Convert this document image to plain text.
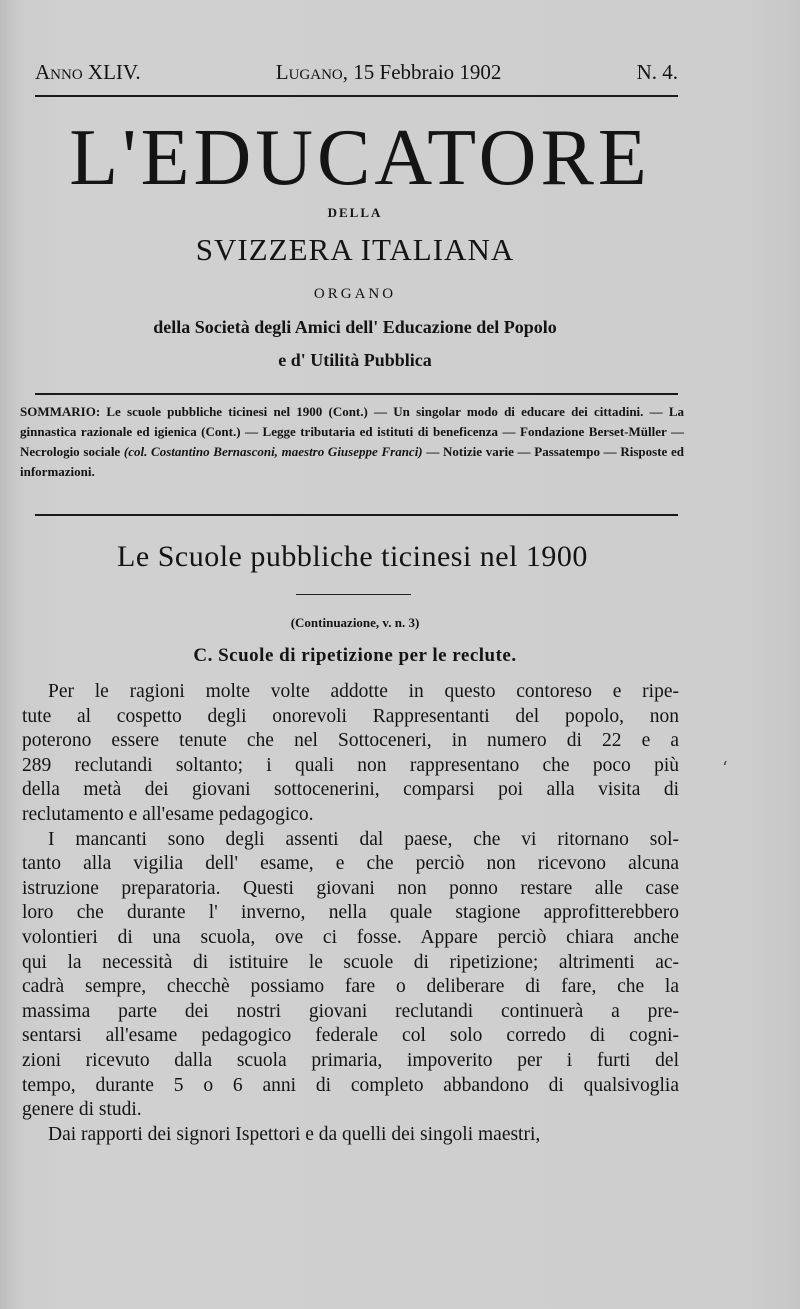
Anno XLIV.	Lugano, 15 Febbraio 1902	N. 4.
L'EDUCATORE
DELLA
SVIZZERA ITALIANA
ORGANO
della Società degli Amici dell' Educazione del Popolo
e d' Utilità Pubblica
SOMMARIO: Le scuole pubbliche ticinesi nel 1900 (Cont.) — Un singolar modo di educare dei cittadini. — La ginnastica razionale ed igienica (Cont.) — Legge tributaria ed istituti di beneficenza — Fondazione Berset-Müller — Necrologio sociale (col. Costantino Bernasconi, maestro Giuseppe Franci) — Notizie varie — Passatempo — Risposte ed informazioni.
Le Scuole pubbliche ticinesi nel 1900
(Continuazione, v. n. 3)
C. Scuole di ripetizione per le reclute.
Per le ragioni molte volte addotte in questo contoreso e ripe-
tute al cospetto degli onorevoli Rappresentanti del popolo, non
poterono essere tenute che nel Sottoceneri, in numero di 22 e a
289 reclutandi soltanto; i quali non rappresentano che poco più
della metà dei giovani sottocenerini, comparsi poi alla visita di
reclutamento e all'esame pedagogico.
I mancanti sono degli assenti dal paese, che vi ritornano sol-
tanto alla vigilia dell' esame, e che perciò non ricevono alcuna
istruzione preparatoria. Questi giovani non ponno restare alle case
loro che durante l' inverno, nella quale stagione approfitterebbero
volontieri di una scuola, ove ci fosse. Appare perciò chiara anche
qui la necessità di istituire le scuole di ripetizione; altrimenti ac-
cadrà sempre, checchè possiamo fare o deliberare di fare, che la
massima parte dei nostri giovani reclutandi continuerà a pre-
sentarsi all'esame pedagogico federale col solo corredo di cogni-
zioni ricevuto dalla scuola primaria, impoverito per i furti del
tempo, durante 5 o 6 anni di completo abbandono di qualsivoglia
genere di studi.
Dai rapporti dei signori Ispettori e da quelli dei singoli maestri,
ʻ
